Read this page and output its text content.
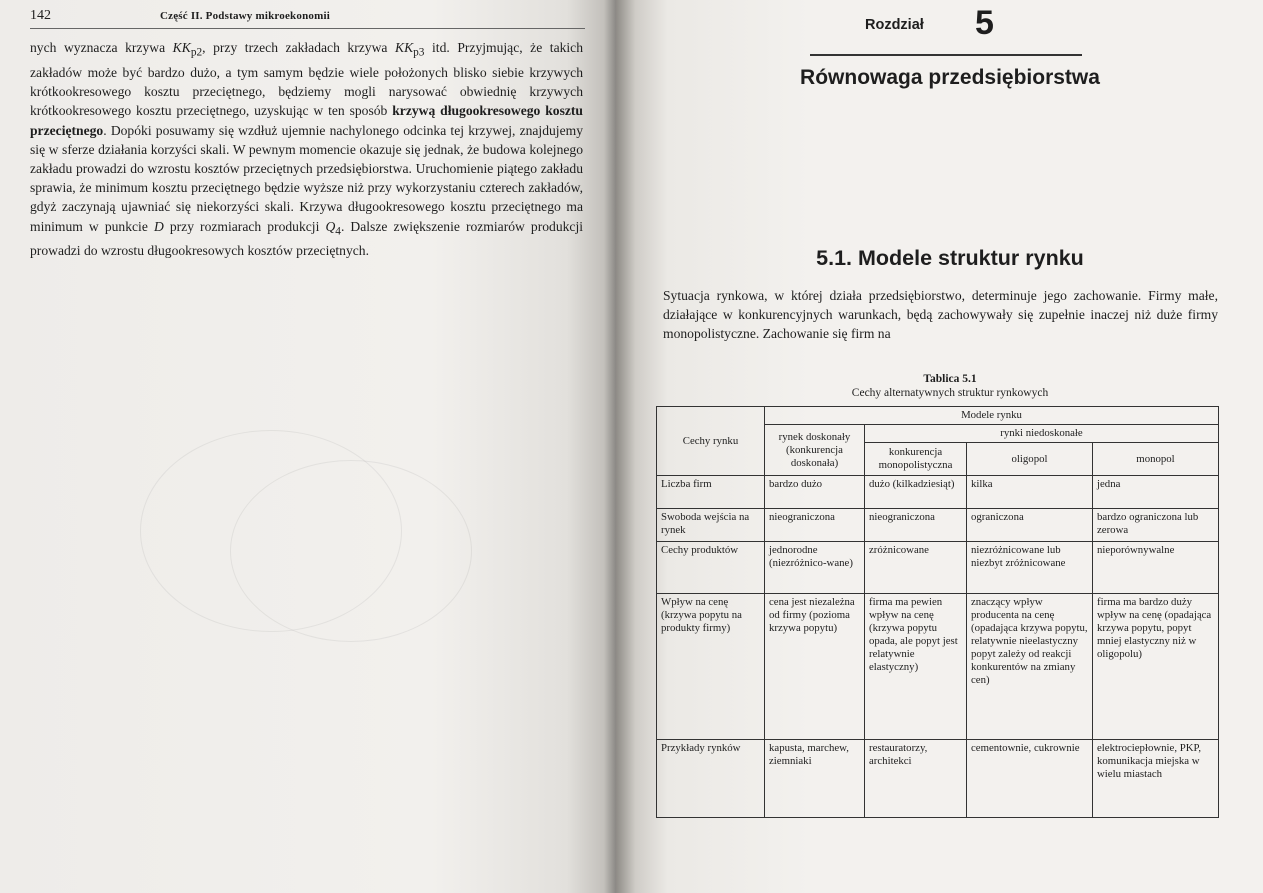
142	Część II. Podstawy mikroekonomii

nych wyznacza krzywa $KK_{p2}$, przy trzech zakładach krzywa $KK_{p3}$ itd. Przyjmując, że takich zakładów może być bardzo dużo, a tym samym będzie wiele położonych blisko siebie krzywych krótkookresowego kosztu przeciętnego, będziemy mogli narysować obwiednię krzywych krótkookresowego kosztu przeciętnego, uzyskując w ten sposób krzywą długookresowego kosztu przeciętnego. Dopóki posuwamy się wzdłuż ujemnie nachylonego odcinka tej krzywej, znajdujemy się w sferze działania korzyści skali. W pewnym momencie okazuje się jednak, że budowa kolejnego zakładu prowadzi do wzrostu kosztów przeciętnych przedsiębiorstwa. Uruchomienie piątego zakładu sprawia, że minimum kosztu przeciętnego będzie wyższe niż przy wykorzystaniu czterech zakładów, gdyż zaczynają ujawniać się niekorzyści skali. Krzywa długookresowego kosztu przeciętnego ma minimum w punkcie D przy rozmiarach produkcji $Q_4$. Dalsze zwiększenie rozmiarów produkcji prowadzi do wzrostu długookresowych kosztów przeciętnych.

Rozdział 5
Równowaga przedsiębiorstwa
5.1. Modele struktur rynku

Sytuacja rynkowa, w której działa przedsiębiorstwo, determinuje jego zachowanie. Firmy małe, działające w konkurencyjnych warunkach, będą zachowywały się zupełnie inaczej niż duże firmy monopolistyczne. Zachowanie się firm na

Tablica 5.1
Cechy alternatywnych struktur rynkowych
Cechy rynku	Modele rynku			
	rynek doskonały (konkurencja doskonała)	rynki niedoskonałe		
		konkurencja monopolistyczna	oligopol	monopol
Liczba firm	bardzo dużo	dużo (kilkadziesiąt)	kilka	jedna
Swoboda wejścia na rynek	nieograniczona	nieograniczona	ograniczona	bardzo ograniczona lub zerowa
Cechy produktów	jednorodne (niezróżnico-wane)	zróżnicowane	niezróżnicowane lub niezbyt zróżnicowane	nieporównywalne
Wpływ na cenę (krzywa popytu na produkty firmy)	cena jest niezależna od firmy (pozioma krzywa popytu)	firma ma pewien wpływ na cenę (krzywa popytu opada, ale popyt jest relatywnie elastyczny)	znaczący wpływ producenta na cenę (opadająca krzywa popytu, relatywnie nieelastyczny popyt zależy od reakcji konkurentów na zmiany cen)	firma ma bardzo duży wpływ na cenę (opadająca krzywa popytu, popyt mniej elastyczny niż w oligopolu)
Przykłady rynków	kapusta, marchew, ziemniaki	restauratorzy, architekci	cementownie, cukrownie	elektrociepłownie, PKP, komunikacja miejska w wielu miastach
